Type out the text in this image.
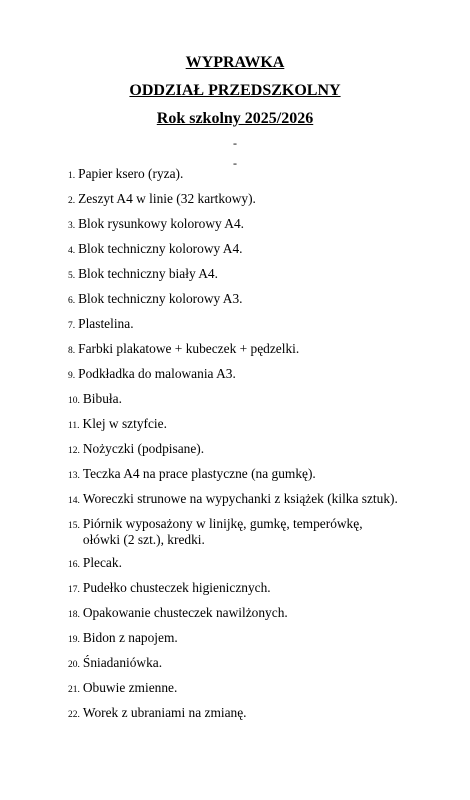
WYPRAWKA
ODDZIAŁ PRZEDSZKOLNY
Rok szkolny 2025/2026
-
-
1. Papier ksero (ryza).
2. Zeszyt A4 w linie (32 kartkowy).
3. Blok rysunkowy kolorowy A4.
4. Blok techniczny kolorowy A4.
5. Blok techniczny biały A4.
6. Blok techniczny kolorowy A3.
7. Plastelina.
8. Farbki plakatowe + kubeczek + pędzelki.
9. Podkładka do malowania A3.
10. Bibuła.
11. Klej w sztyfcie.
12. Nożyczki (podpisane).
13. Teczka A4 na prace plastyczne (na gumkę).
14. Woreczki strunowe na wypychanki z książek (kilka sztuk).
15. Piórnik wyposażony w linijkę, gumkę, temperówkę, ołówki (2 szt.), kredki.
16. Plecak.
17. Pudełko chusteczek higienicznych.
18. Opakowanie chusteczek nawilżonych.
19. Bidon z napojem.
20. Śniadaniówka.
21. Obuwie zmienne.
22. Worek z ubraniami na zmianę.
